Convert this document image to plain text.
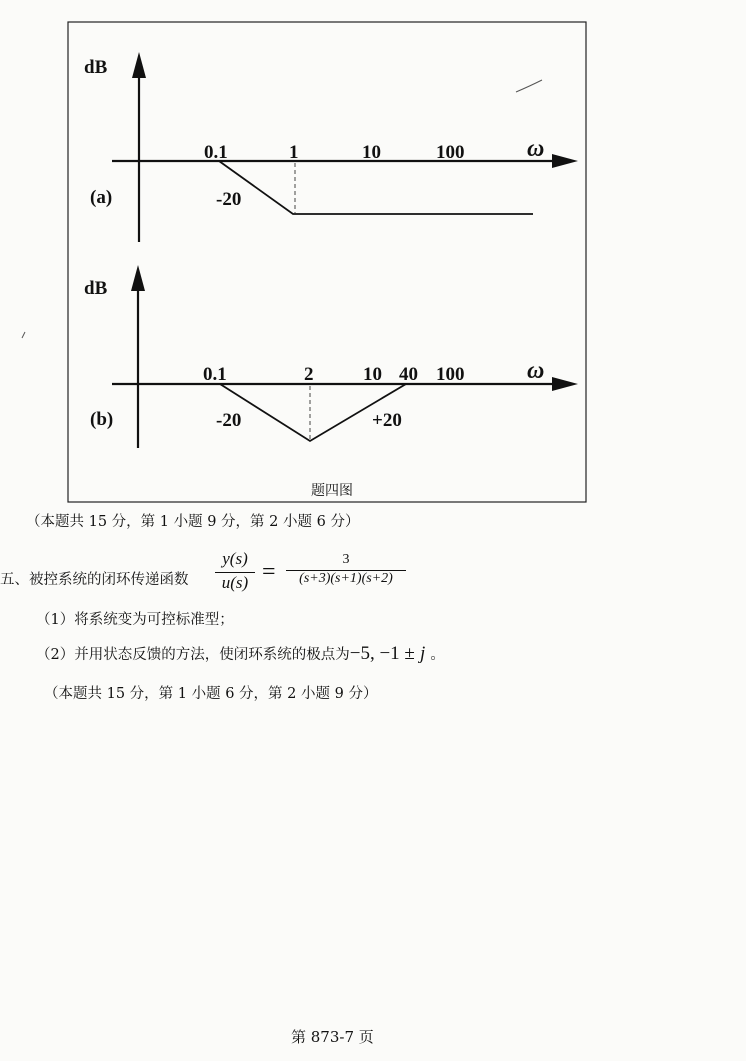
dB
0.1	1	10	100	ω
(a)	-20
dB
0.1	2	10 40 100	ω
(b)	-20	+20
题四图
（本题共 15 分，第 1 小题 9 分，第 2 小题 6 分）
五、被控系统的闭环传递函数
y(s)
u(s) =	3
(s+3)(s+1)(s+2)
（1）将系统变为可控标准型；
（2）并用状态反馈的方法，使闭环系统的极点为−5, −1 ± j 。
（本题共 15 分，第 1 小题 6 分，第 2 小题 9 分）
第 873-7 页
